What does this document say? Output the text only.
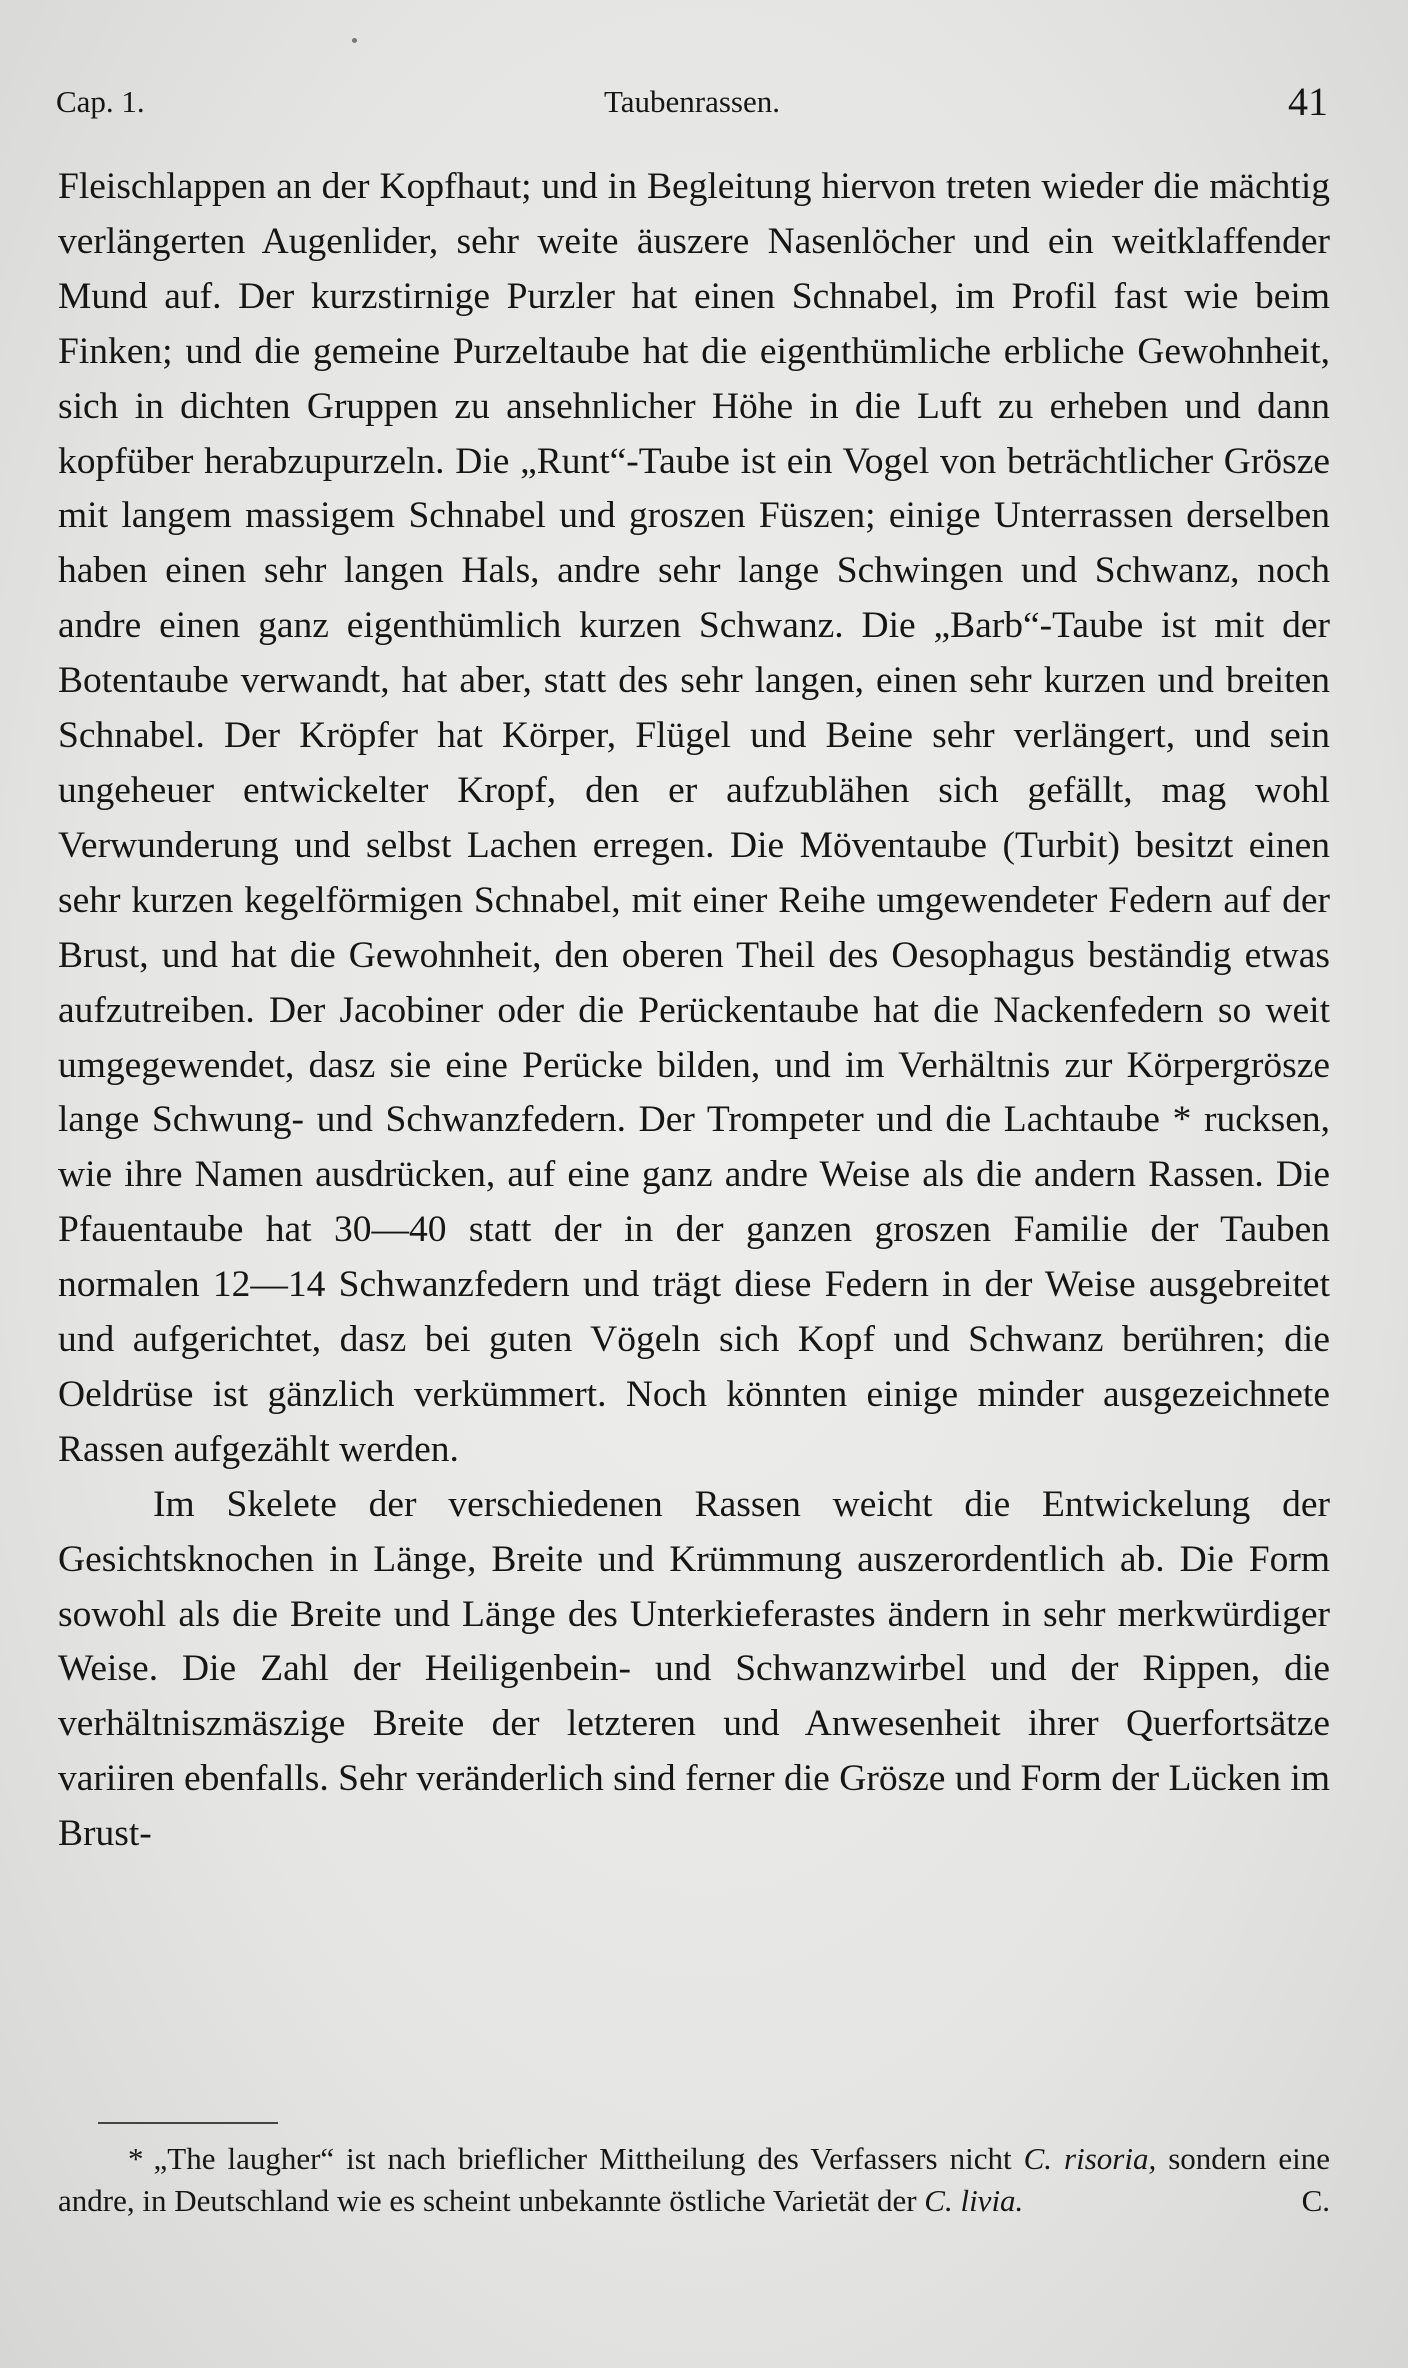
Cap. 1.	Taubenrassen.	41

Fleischlappen an der Kopfhaut; und in Begleitung hiervon treten wieder die mächtig verlängerten Augenlider, sehr weite äuszere Nasenlöcher und ein weitklaffender Mund auf. Der kurzstirnige Purzler hat einen Schnabel, im Profil fast wie beim Finken; und die gemeine Purzeltaube hat die eigenthümliche erbliche Gewohnheit, sich in dichten Gruppen zu ansehnlicher Höhe in die Luft zu erheben und dann kopfüber herabzupurzeln. Die „Runt“-Taube ist ein Vogel von beträchtlicher Grösze mit langem massigem Schnabel und groszen Füszen; einige Unterrassen derselben haben einen sehr langen Hals, andre sehr lange Schwingen und Schwanz, noch andre einen ganz eigenthümlich kurzen Schwanz. Die „Barb“-Taube ist mit der Botentaube verwandt, hat aber, statt des sehr langen, einen sehr kurzen und breiten Schnabel. Der Kröpfer hat Körper, Flügel und Beine sehr verlängert, und sein ungeheuer entwickelter Kropf, den er aufzublähen sich gefällt, mag wohl Verwunderung und selbst Lachen erregen. Die Möventaube (Turbit) besitzt einen sehr kurzen kegelförmigen Schnabel, mit einer Reihe umgewendeter Federn auf der Brust, und hat die Gewohnheit, den oberen Theil des Oesophagus beständig etwas aufzutreiben. Der Jacobiner oder die Perückentaube hat die Nackenfedern so weit umgegewendet, dasz sie eine Perücke bilden, und im Verhältnis zur Körpergrösze lange Schwung- und Schwanzfedern. Der Trompeter und die Lachtaube * rucksen, wie ihre Namen ausdrücken, auf eine ganz andre Weise als die andern Rassen. Die Pfauentaube hat 30—40 statt der in der ganzen groszen Familie der Tauben normalen 12—14 Schwanzfedern und trägt diese Federn in der Weise ausgebreitet und aufgerichtet, dasz bei guten Vögeln sich Kopf und Schwanz berühren; die Oeldrüse ist gänzlich verkümmert. Noch könnten einige minder ausgezeichnete Rassen aufgezählt werden.

Im Skelete der verschiedenen Rassen weicht die Entwickelung der Gesichtsknochen in Länge, Breite und Krümmung auszerordentlich ab. Die Form sowohl als die Breite und Länge des Unterkieferastes ändern in sehr merkwürdiger Weise. Die Zahl der Heiligenbein- und Schwanzwirbel und der Rippen, die verhältniszmäszige Breite der letzteren und Anwesenheit ihrer Querfortsätze variiren ebenfalls. Sehr veränderlich sind ferner die Grösze und Form der Lücken im Brust-

* „The laugher“ ist nach brieflicher Mittheilung des Verfassers nicht C. risoria, sondern eine andre, in Deutschland wie es scheint unbekannte östliche Varietät der C. livia.	C.
